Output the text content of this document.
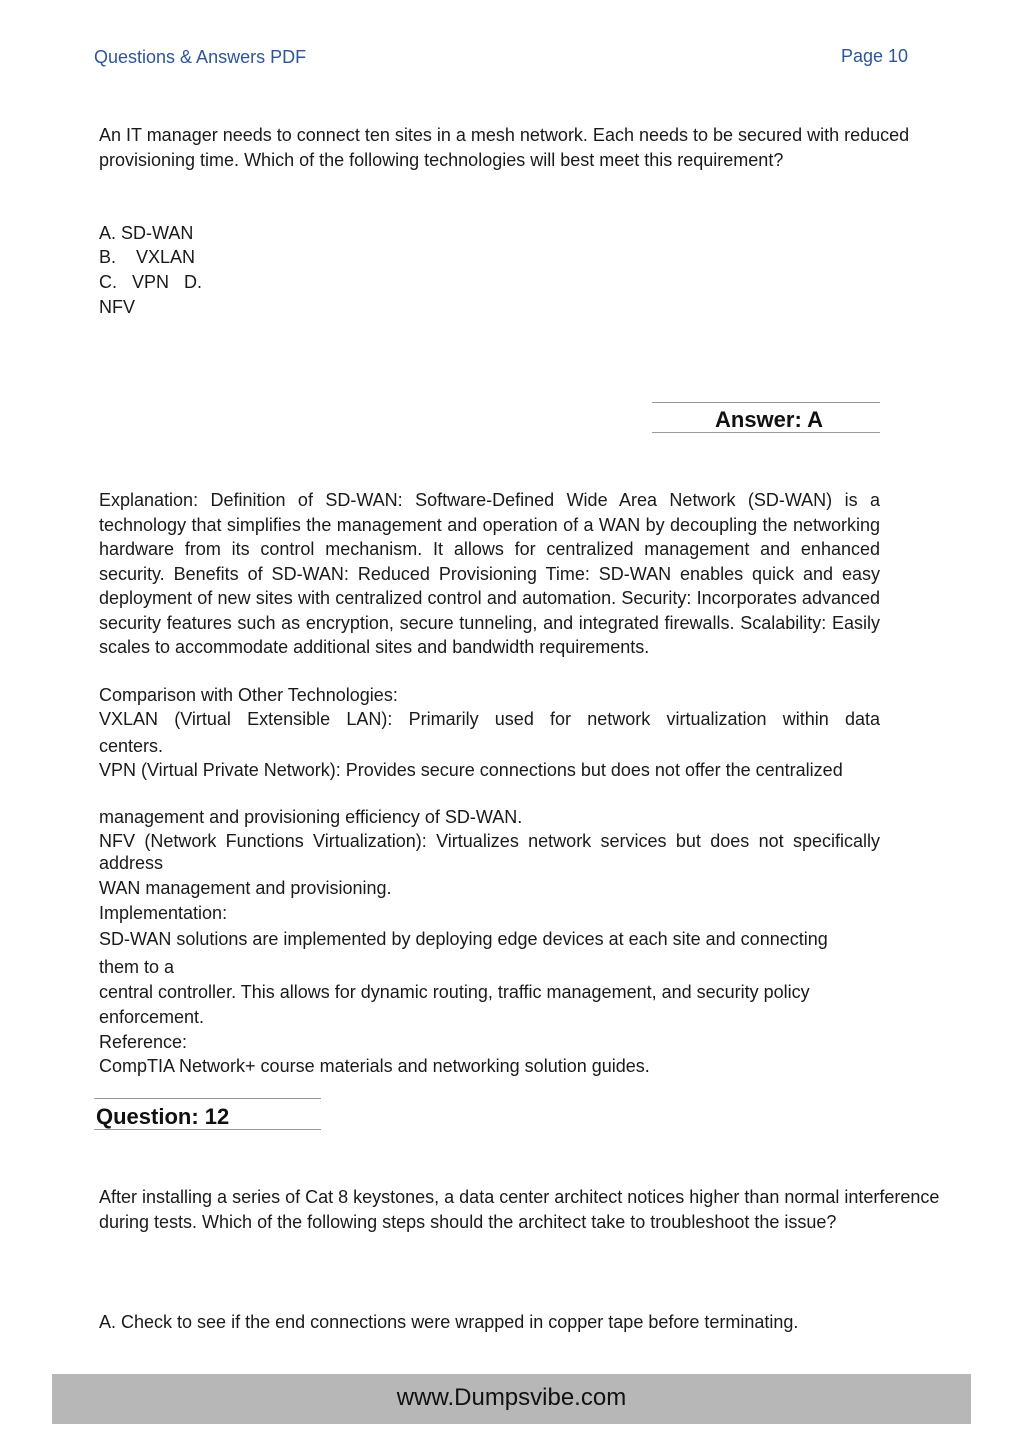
Questions & Answers PDF	Page 10
An IT manager needs to connect ten sites in a mesh network. Each needs to be secured with reduced provisioning time. Which of the following technologies will best meet this requirement?
A. SD-WAN
B.    VXLAN
C.   VPN   D.
NFV
Answer: A
Explanation: Definition of SD-WAN: Software-Defined Wide Area Network (SD-WAN) is a technology that simplifies the management and operation of a WAN by decoupling the networking hardware from its control mechanism. It allows for centralized management and enhanced security. Benefits of SD-WAN: Reduced Provisioning Time: SD-WAN enables quick and easy deployment of new sites with centralized control and automation. Security: Incorporates advanced security features such as encryption, secure tunneling, and integrated firewalls. Scalability: Easily scales to accommodate additional sites and bandwidth requirements.
Comparison with Other Technologies:
VXLAN (Virtual Extensible LAN): Primarily used for network virtualization within data
centers.
VPN (Virtual Private Network): Provides secure connections but does not offer the centralized
management and provisioning efficiency of SD-WAN.
NFV (Network Functions Virtualization): Virtualizes network services but does not specifically address
WAN management and provisioning.
Implementation:
SD-WAN solutions are implemented by deploying edge devices at each site and connecting
them to a
central controller. This allows for dynamic routing, traffic management, and security policy
enforcement.
Reference:
CompTIA Network+ course materials and networking solution guides.
Question: 12
After installing a series of Cat 8 keystones, a data center architect notices higher than normal interference during tests. Which of the following steps should the architect take to troubleshoot the issue?
A. Check to see if the end connections were wrapped in copper tape before terminating.
www.Dumpsvibe.com
